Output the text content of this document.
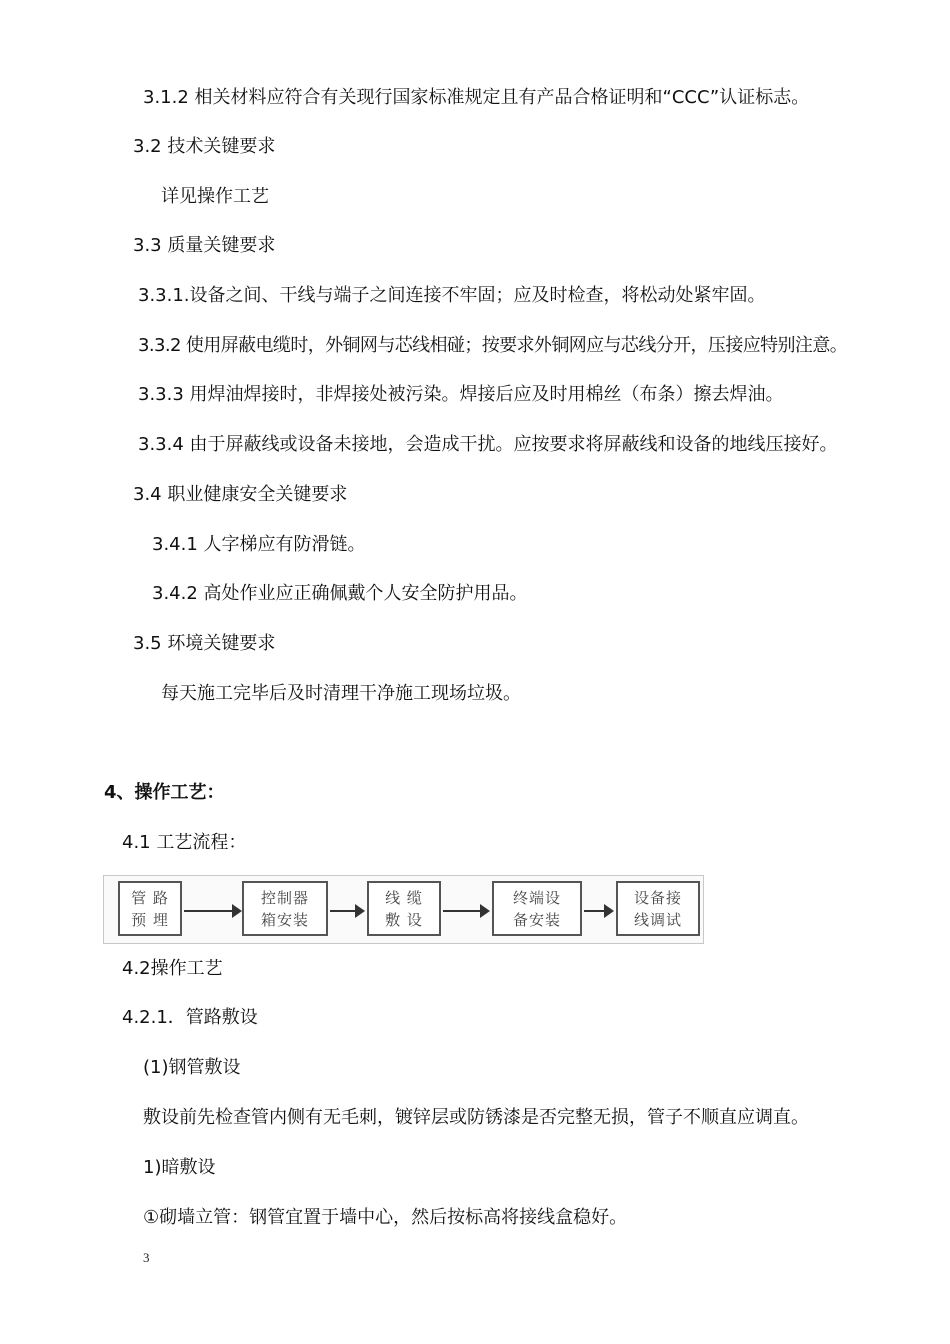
3.1.2 相关材料应符合有关现行国家标准规定且有产品合格证明和“CCC”认证标志。
3.2 技术关键要求
详见操作工艺
3.3 质量关键要求
3.3.1.设备之间、干线与端子之间连接不牢固；应及时检查，将松动处紧牢固。
3.3.2 使用屏蔽电缆时，外铜网与芯线相碰；按要求外铜网应与芯线分开，压接应特别注意。
3.3.3 用焊油焊接时，非焊接处被污染。焊接后应及时用棉丝（布条）擦去焊油。
3.3.4 由于屏蔽线或设备未接地，会造成干扰。应按要求将屏蔽线和设备的地线压接好。
3.4 职业健康安全关键要求
3.4.1 人字梯应有防滑链。
3.4.2 高处作业应正确佩戴个人安全防护用品。
3.5 环境关键要求
每天施工完毕后及时清理干净施工现场垃圾。
4、操作工艺：
4.1 工艺流程：
管 路 预 埋
控制器箱安装
线 缆 敷 设
终端设备安装
设备接线调试
4.2操作工艺
4.2.1．管路敷设
(1)钢管敷设
敷设前先检查管内侧有无毛刺，镀锌层或防锈漆是否完整无损，管子不顺直应调直。
1)暗敷设
①砌墙立管：钢管宜置于墙中心，然后按标高将接线盒稳好。
3
